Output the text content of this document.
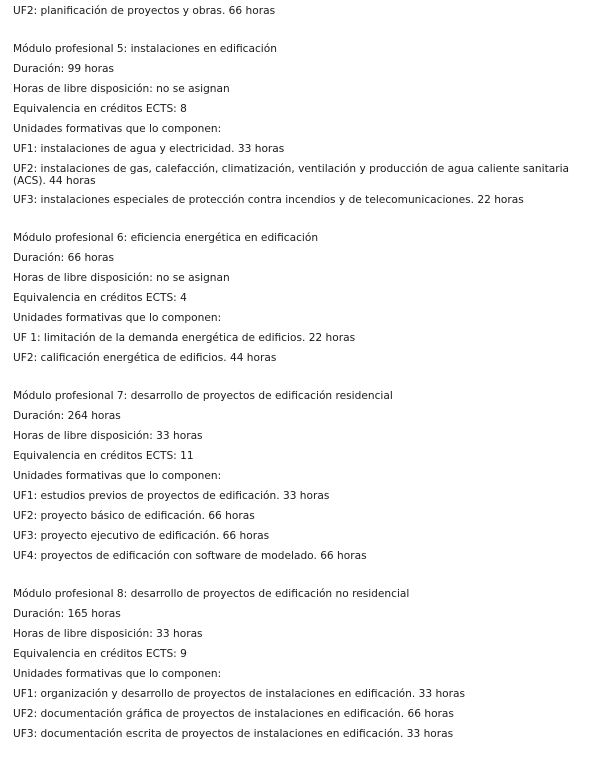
UF2: planificación de proyectos y obras. 66 horas
Módulo profesional 5: instalaciones en edificación
Duración: 99 horas
Horas de libre disposición: no se asignan
Equivalencia en créditos ECTS: 8
Unidades formativas que lo componen:
UF1: instalaciones de agua y electricidad. 33 horas
UF2: instalaciones de gas, calefacción, climatización, ventilación y producción de agua caliente sanitaria (ACS). 44 horas
UF3: instalaciones especiales de protección contra incendios y de telecomunicaciones. 22 horas
Módulo profesional 6: eficiencia energética en edificación
Duración: 66 horas
Horas de libre disposición: no se asignan
Equivalencia en créditos ECTS: 4
Unidades formativas que lo componen:
UF 1: limitación de la demanda energética de edificios. 22 horas
UF2: calificación energética de edificios. 44 horas
Módulo profesional 7: desarrollo de proyectos de edificación residencial
Duración: 264 horas
Horas de libre disposición: 33 horas
Equivalencia en créditos ECTS: 11
Unidades formativas que lo componen:
UF1: estudios previos de proyectos de edificación. 33 horas
UF2: proyecto básico de edificación. 66 horas
UF3: proyecto ejecutivo de edificación. 66 horas
UF4: proyectos de edificación con software de modelado. 66 horas
Módulo profesional 8: desarrollo de proyectos de edificación no residencial
Duración: 165 horas
Horas de libre disposición: 33 horas
Equivalencia en créditos ECTS: 9
Unidades formativas que lo componen:
UF1: organización y desarrollo de proyectos de instalaciones en edificación. 33 horas
UF2: documentación gráfica de proyectos de instalaciones en edificación. 66 horas
UF3: documentación escrita de proyectos de instalaciones en edificación. 33 horas
